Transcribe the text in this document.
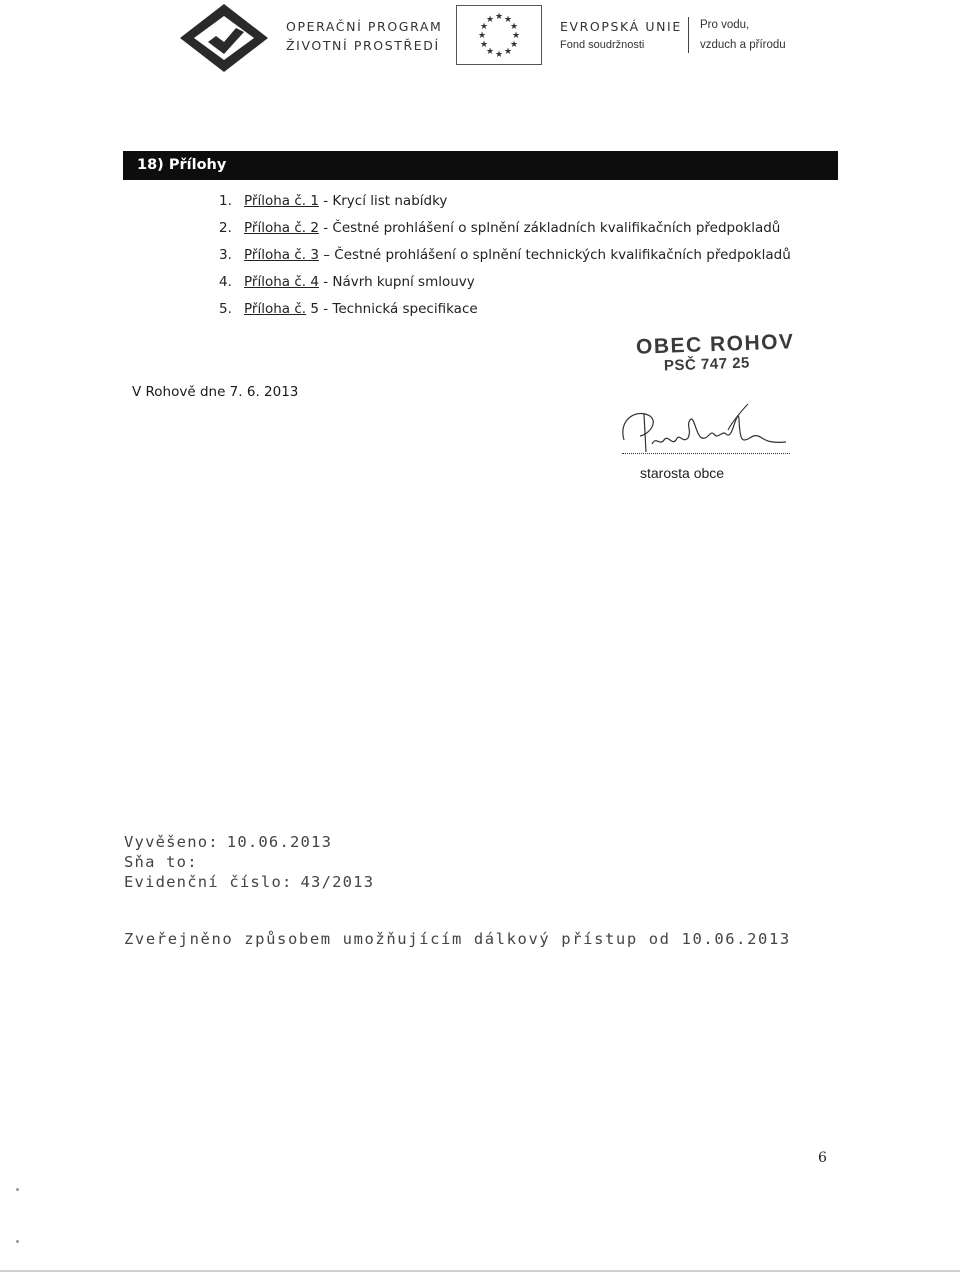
OPERAČNÍ PROGRAM
ŽIVOTNÍ PROSTŘEDÍ
★ ★
★
★
★
★
★
★
★
★
★
★	EVROPSKÁ UNIE
Fond soudržnosti
Pro vodu,
vzduch a přírodu
18) Přílohy
1. Příloha č. 1 - Krycí list nabídky
2. Příloha č. 2 - Čestné prohlášení o splnění základních kvalifikačních předpokladů
3. Příloha č. 3 – Čestné prohlášení o splnění technických kvalifikačních předpokladů
4. Příloha č. 4 - Návrh kupní smlouvy
5. Příloha č. 5 - Technická specifikace
V Rohově dne 7. 6. 2013
OBEC ROHOV
PSČ 747 25
starosta obce
Vyvěšeno: 10.06.2013
Sňa to:
Evidenční číslo: 43/2013
Zveřejněno způsobem umožňujícím dálkový přístup od 10.06.2013
6
